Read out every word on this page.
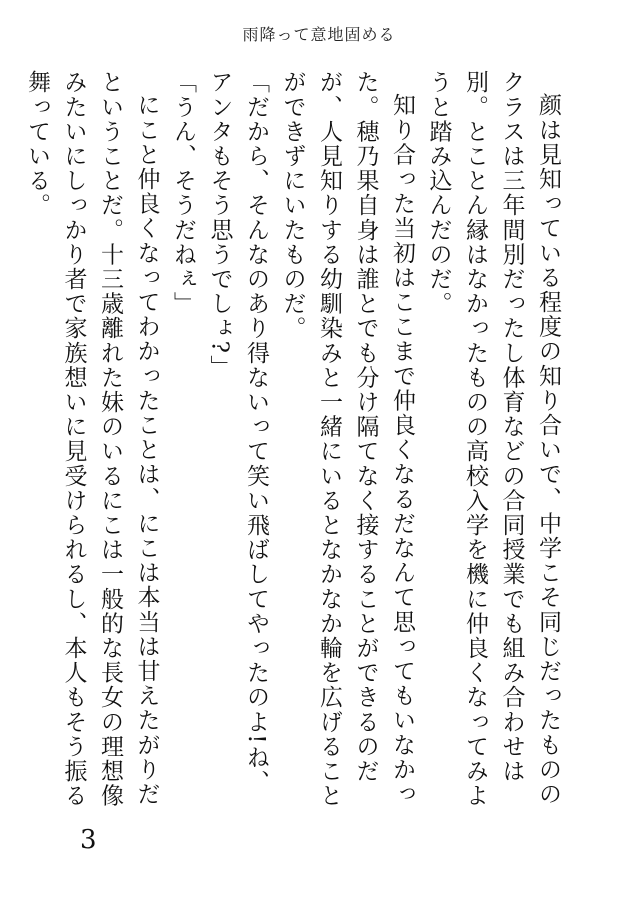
雨降って意地固める

颜は見知っている程度の知り合いで、中学こそ同じだったもののクラスは三年間別だったし体育などの合同授業でも組み合わせは別。とことん縁はなかったものの高校入学を機に仲良くなってみようと踏み込んだのだ。

知り合った当初はここまで仲良くなるだなんて思ってもいなかった。穂乃果自身は誰とでも分け隔てなく接することができるのだが、人見知りする幼馴染みと一緒にいるとなかなか輪を広げることができずにいたものだ。

「だから、そんなのあり得ないって笑い飛ばしてやったのよ!ね、アンタもそう思うでしょ?」

「うん、そうだねぇ」

にこと仲良くなってわかったことは、にこは本当は甘えたがりだということだ。十三歳離れた妹のいるにこは一般的な長女の理想像みたいにしっかり者で家族想いに見受けられるし、本人もそう振る舞っている。

3
